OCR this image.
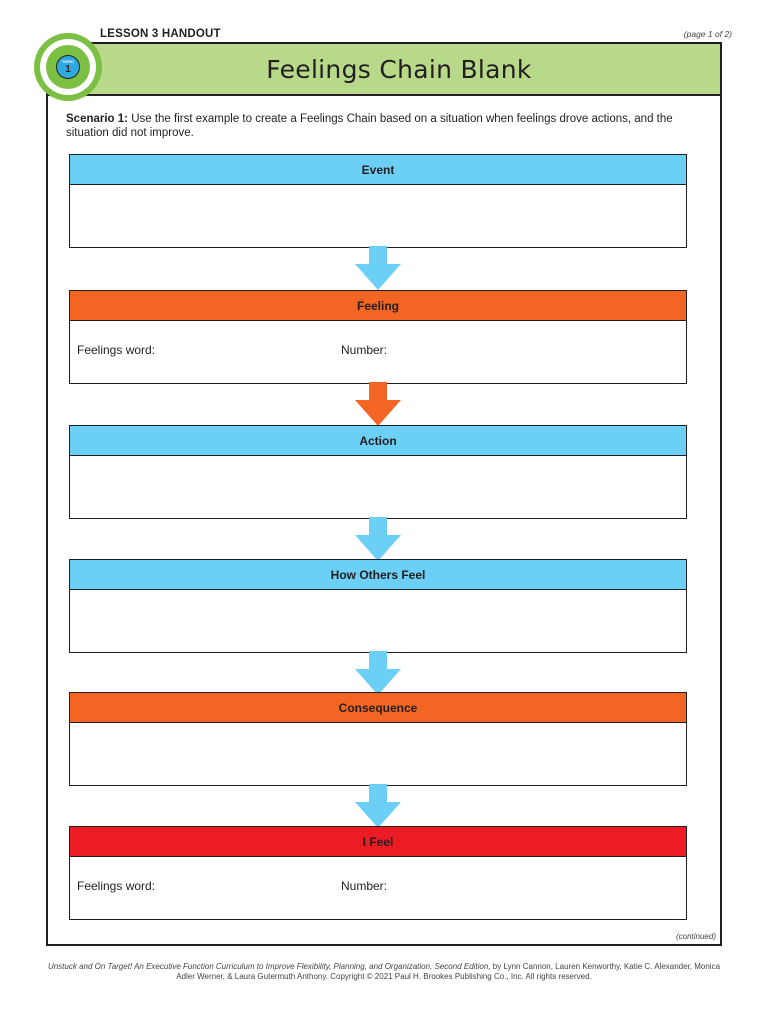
LESSON 3 HANDOUT	(page 1 of 2)
Feelings Chain Blank
TOPIC
1
Scenario 1: Use the first example to create a Feelings Chain based on a situation when feelings drove actions, and the situation did not improve.
Event
Feeling
Feelings word:	Number:
Action
How Others Feel
Consequence
I Feel
Feelings word:	Number:
(continued)
Unstuck and On Target! An Executive Function Curriculum to Improve Flexibility, Planning, and Organization, Second Edition, by Lynn Cannon, Lauren Kenworthy, Katie C. Alexander, Monica Adler Werner, & Laura Gutermuth Anthony. Copyright © 2021 Paul H. Brookes Publishing Co., Inc. All rights reserved.
